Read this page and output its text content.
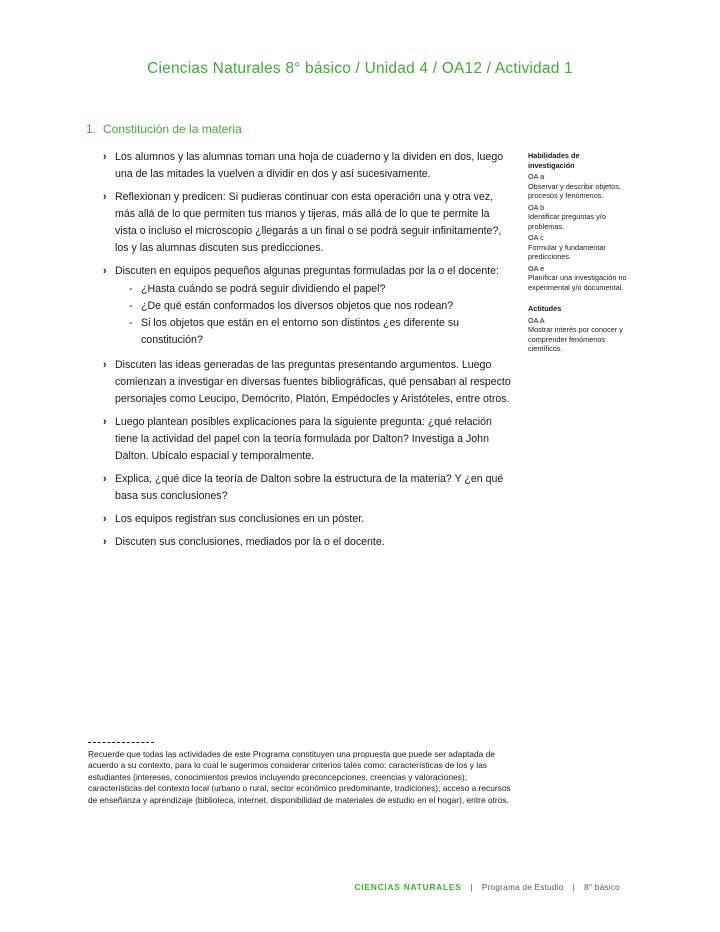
Ciencias Naturales 8° básico / Unidad 4 / OA12 / Actividad 1
1. Constitución de la materia
› Los alumnos y las alumnas toman una hoja de cuaderno y la dividen en dos, luego una de las mitades la vuelven a dividir en dos y así sucesivamente.
› Reflexionan y predicen: Si pudieras continuar con esta operación una y otra vez, más allá de lo que permiten tus manos y tijeras, más allá de lo que te permite la vista o incluso el microscopio ¿llegarás a un final o se podrá seguir infinitamente?, los y las alumnas discuten sus predicciones.
› Discuten en equipos pequeños algunas preguntas formuladas por la o el docente:
- ¿Hasta cuándo se podrá seguir dividiendo el papel?
- ¿De qué están conformados los diversos objetos que nos rodean?
- Si los objetos que están en el entorno son distintos ¿es diferente su constitución?
› Discuten las ideas generadas de las preguntas presentando argumentos. Luego comienzan a investigar en diversas fuentes bibliográficas, qué pensaban al respecto personajes como Leucipo, Demócrito, Platón, Empédocles y Aristóteles, entre otros.
› Luego plantean posibles explicaciones para la siguiente pregunta: ¿qué relación tiene la actividad del papel con la teoría formulada por Dalton? Investiga a John Dalton. Ubícalo espacial y temporalmente.
› Explica, ¿qué dice la teoría de Dalton sobre la estructura de la materia? Y ¿en qué basa sus conclusiones?
› Los equipos registran sus conclusiones en un póster.
› Discuten sus conclusiones, mediados por la o el docente.
Habilidades de investigación
OA a
Observar y describir objetos, procesos y fenómenos.
OA b
Identificar preguntas y/o problemas.
OA c
Formular y fundamentar predicciones.
OA e
Planificar una investigación no experimental y/o documental.
Actitudes
OA A
Mostrar interés por conocer y comprender fenómenos científicos.

Recuerde que todas las actividades de este Programa constituyen una propuesta que puede ser adaptada de acuerdo a su contexto, para lo cual le sugerimos considerar criterios tales como: características de los y las estudiantes (intereses, conocimientos previos incluyendo preconcepciones, creencias y valoraciones); características del contexto local (urbano o rural, sector económico predominante, tradiciones); acceso a recursos de enseñanza y aprendizaje (biblioteca, internet, disponibilidad de materiales de estudio en el hogar), entre otros.

CIENCIAS NATURALES | Programa de Estudio | 8° básico
